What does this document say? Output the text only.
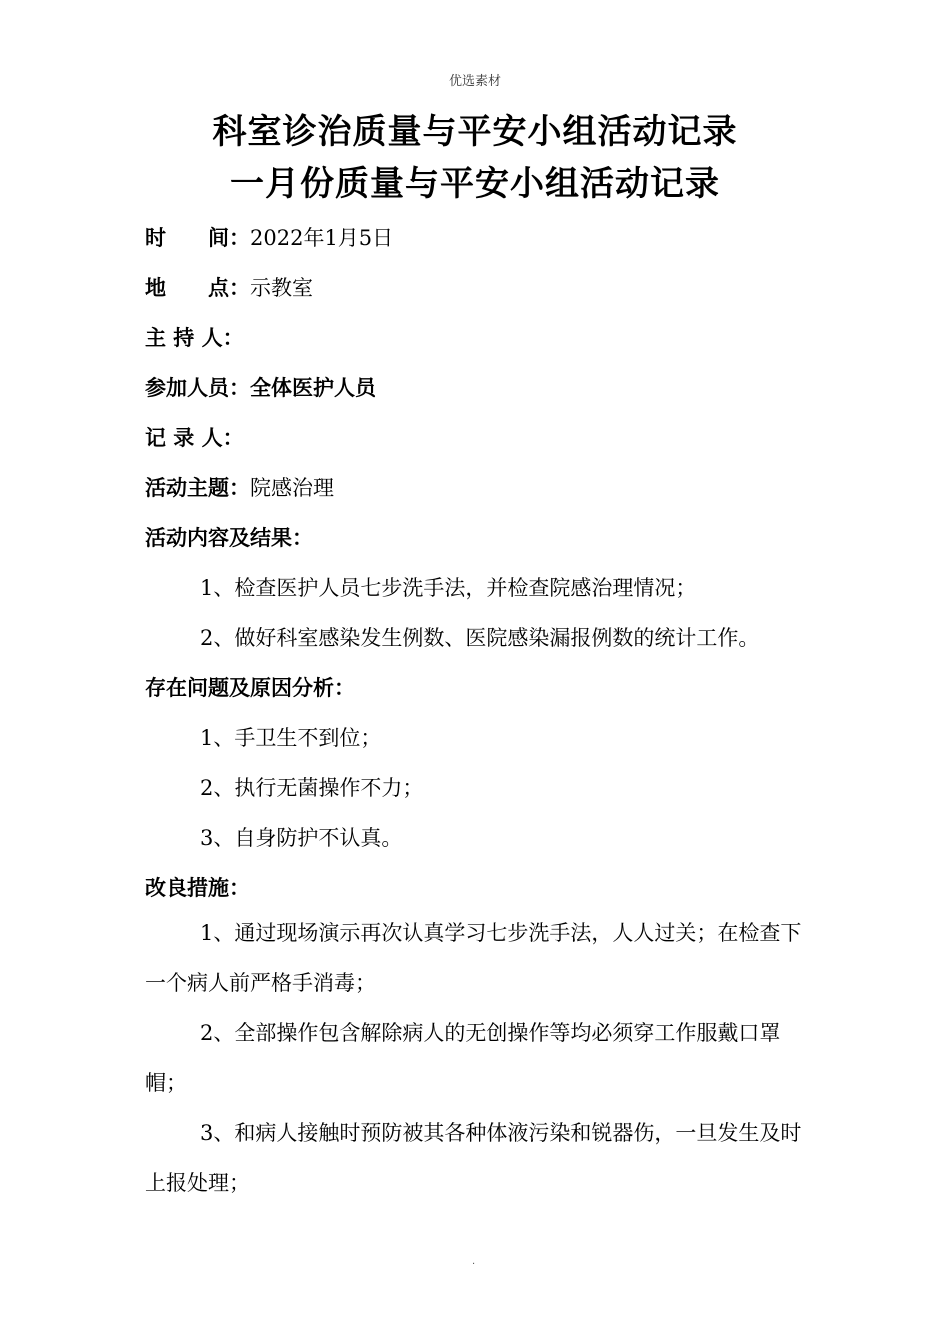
优选素材
科室诊治质量与平安小组活动记录
一月份质量与平安小组活动记录
时　　间：2022年1月5日
地　　点：示教室
主 持 人：
参加人员：全体医护人员
记 录 人：
活动主题：院感治理
活动内容及结果：
1、检查医护人员七步洗手法，并检查院感治理情况；
2、做好科室感染发生例数、医院感染漏报例数的统计工作。
存在问题及原因分析：
1、手卫生不到位；
2、执行无菌操作不力；
3、自身防护不认真。
改良措施：
1、通过现场演示再次认真学习七步洗手法，人人过关；在检查下一个病人前严格手消毒；
2、全部操作包含解除病人的无创操作等均必须穿工作服戴口罩帽；
3、和病人接触时预防被其各种体液污染和锐器伤，一旦发生及时上报处理；
.
